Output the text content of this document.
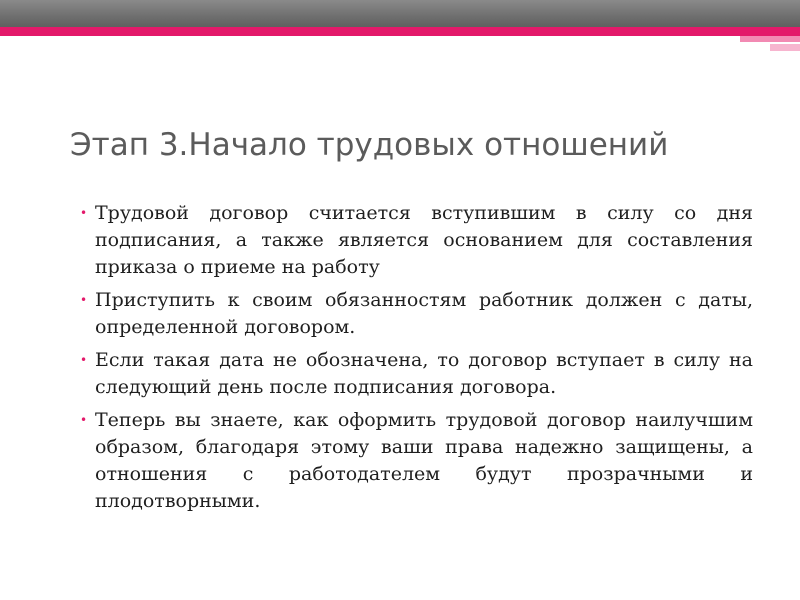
Этап 3.Начало трудовых отношений
• Трудовой договор считается вступившим в силу со дня подписания, а также является основанием для составления приказа о приеме на работу
• Приступить к своим обязанностям работник должен с даты, определенной договором.
• Если такая дата не обозначена, то договор вступает в силу на следующий день после подписания договора.
• Теперь вы знаете, как оформить трудовой договор наилучшим образом, благодаря этому ваши права надежно защищены, а отношения с работодателем будут прозрачными и плодотворными.
